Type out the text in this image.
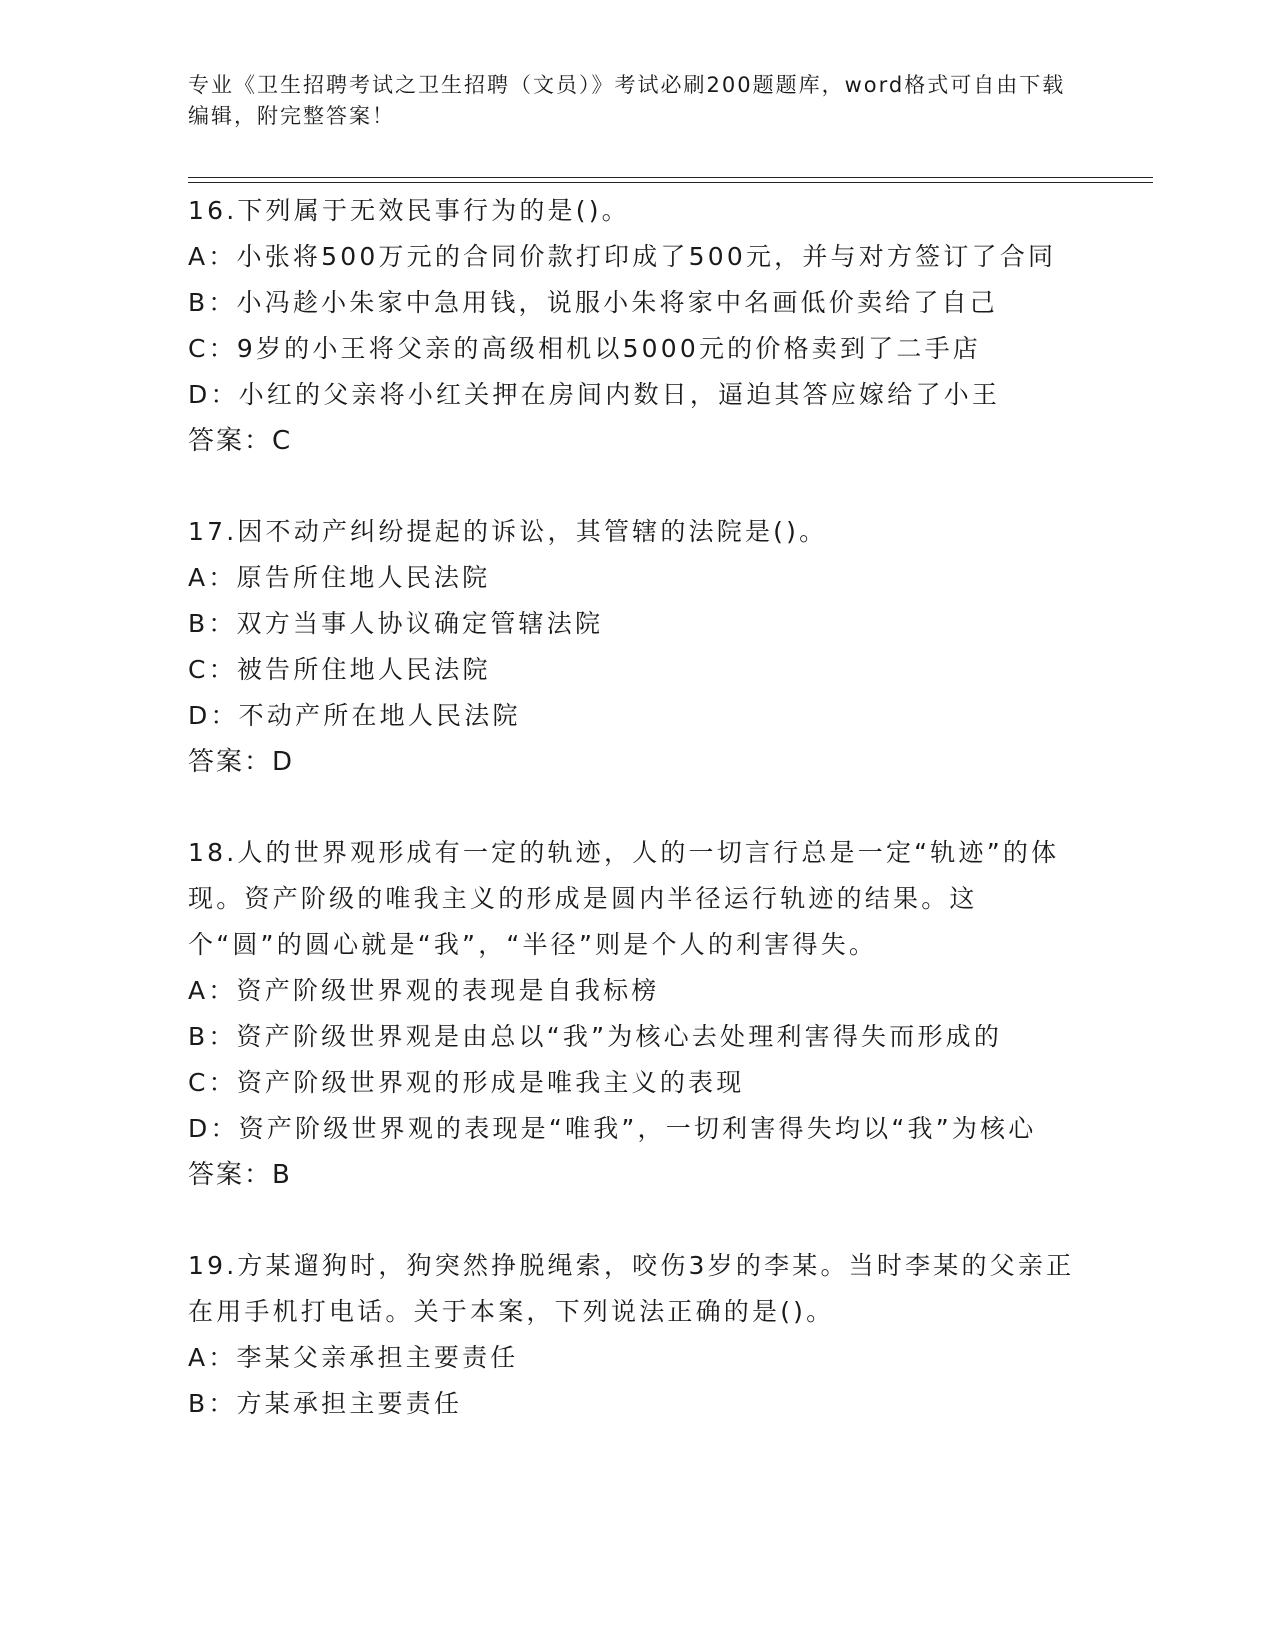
专业《卫生招聘考试之卫生招聘（文员）》考试必刷200题题库，word格式可自由下载编辑，附完整答案！

16.下列属于无效民事行为的是()。

A：小张将500万元的合同价款打印成了500元，并与对方签订了合同

B：小冯趁小朱家中急用钱，说服小朱将家中名画低价卖给了自己

C：9岁的小王将父亲的高级相机以5000元的价格卖到了二手店

D：小红的父亲将小红关押在房间内数日，逼迫其答应嫁给了小王

答案：C

17.因不动产纠纷提起的诉讼，其管辖的法院是()。

A：原告所住地人民法院

B：双方当事人协议确定管辖法院

C：被告所住地人民法院

D：不动产所在地人民法院

答案：D

18.人的世界观形成有一定的轨迹，人的一切言行总是一定“轨迹”的体现。资产阶级的唯我主义的形成是圆内半径运行轨迹的结果。这个“圆”的圆心就是“我”，“半径”则是个人的利害得失。

A：资产阶级世界观的表现是自我标榜

B：资产阶级世界观是由总以“我”为核心去处理利害得失而形成的

C：资产阶级世界观的形成是唯我主义的表现

D：资产阶级世界观的表现是“唯我”，一切利害得失均以“我”为核心

答案：B

19.方某遛狗时，狗突然挣脱绳索，咬伤3岁的李某。当时李某的父亲正在用手机打电话。关于本案，下列说法正确的是()。

A：李某父亲承担主要责任

B：方某承担主要责任
